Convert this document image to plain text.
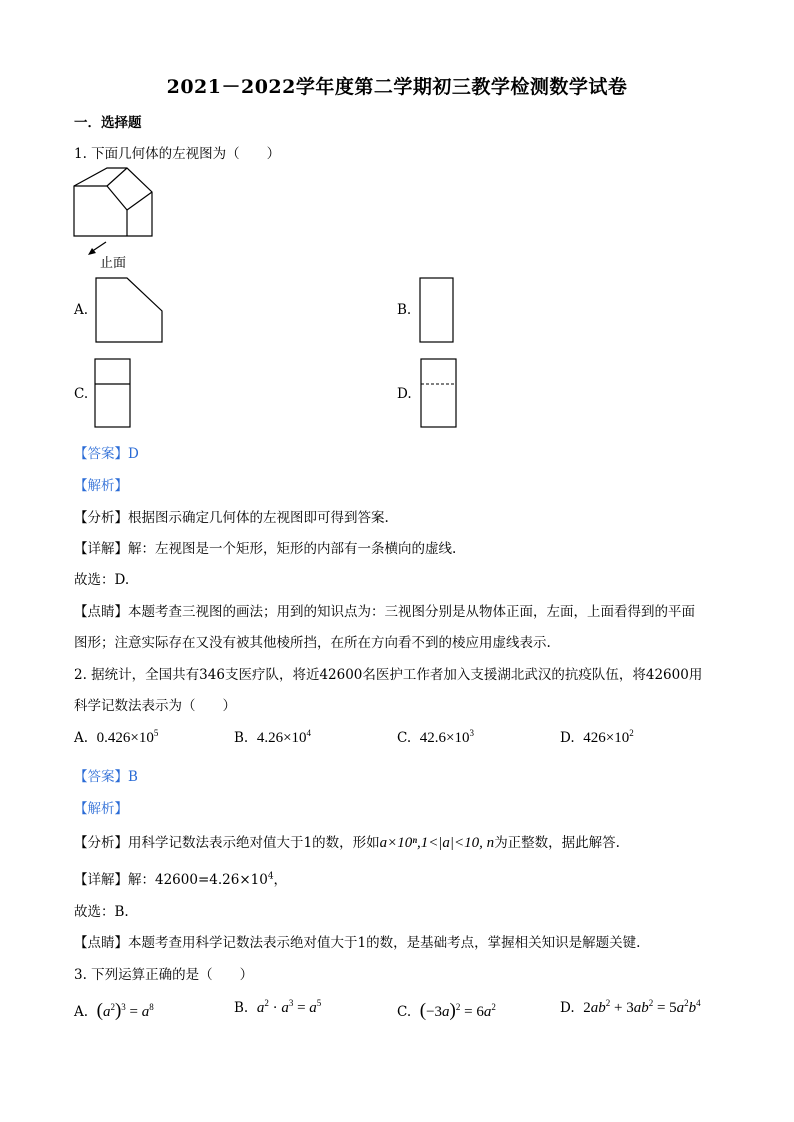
2021－2022学年度第二学期初三教学检测数学试卷
一．选择题
1. 下面几何体的左视图为（　　）
止面
A.	B.
C.	D.
【答案】D
【解析】
【分析】根据图示确定几何体的左视图即可得到答案.
【详解】解：左视图是一个矩形，矩形的内部有一条横向的虚线.
故选：D.
【点睛】本题考查三视图的画法；用到的知识点为：三视图分别是从物体正面，左面，上面看得到的平面
图形；注意实际存在又没有被其他棱所挡，在所在方向看不到的棱应用虚线表示.
2. 据统计，全国共有346支医疗队，将近42600名医护工作者加入支援湖北武汉的抗疫队伍，将42600用
科学记数法表示为（　　）
A. $0.426\times 10^5$	B. $4.26\times 10^4$	C. $42.6\times 10^3$	D. $426\times 10^2$
【答案】B
【解析】
【分析】用科学记数法表示绝对值大于1的数，形如a×10ⁿ,1<|a|<10, n为正整数，据此解答.
【详解】解：$42600=4.26\times 10^4$，
故选：B.
【点睛】本题考查用科学记数法表示绝对值大于1的数，是基础考点，掌握相关知识是解题关键.
3. 下列运算正确的是（　　）
A. $(a^2)^3 = a^8$	B. $a^2 \cdot a^3 = a^5$
C. $(-3a)^2 = 6a^2$	D. $2ab^2 + 3ab^2 = 5a^2b^4$
